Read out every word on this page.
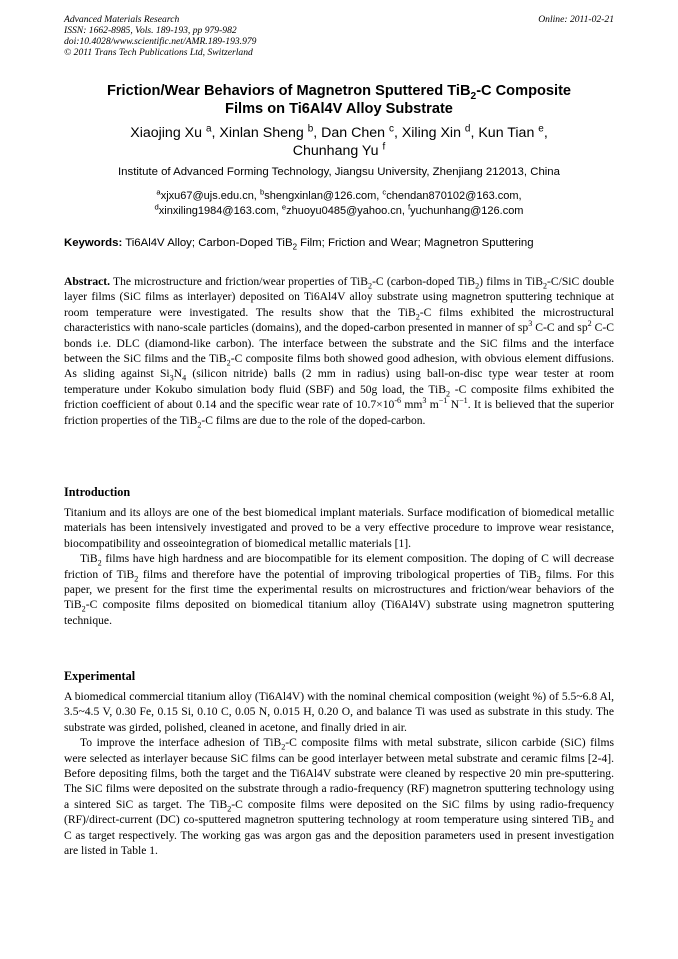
Advanced Materials Research
ISSN: 1662-8985, Vols. 189-193, pp 979-982
doi:10.4028/www.scientific.net/AMR.189-193.979
© 2011 Trans Tech Publications Ltd, Switzerland
Online: 2011-02-21
Friction/Wear Behaviors of Magnetron Sputtered TiB$_2$-C Composite
Films on Ti6Al4V Alloy Substrate
Xiaojing Xu $^a$, Xinlan Sheng $^b$, Dan Chen $^c$, Xiling Xin $^d$, Kun Tian $^e$,
Chunhang Yu $^f$
Institute of Advanced Forming Technology, Jiangsu University, Zhenjiang 212013, China
$^a$xjxu67@ujs.edu.cn, $^b$shengxinlan@126.com, $^c$chendan870102@163.com,
$^d$xinxiling1984@163.com, $^e$zhuoyu0485@yahoo.cn, $^f$yuchunhang@126.com
Keywords: Ti6Al4V Alloy; Carbon-Doped TiB$_2$ Film; Friction and Wear; Magnetron Sputtering
Abstract. The microstructure and friction/wear properties of TiB$_2$-C (carbon-doped TiB$_2$) films in TiB$_2$-C/SiC double layer films (SiC films as interlayer) deposited on Ti6Al4V alloy substrate using magnetron sputtering technique at room temperature were investigated. The results show that the TiB$_2$-C films exhibited the microstructural characteristics with nano-scale particles (domains), and the doped-carbon presented in manner of $sp^3$ C-C and $sp^2$ C-C bonds i.e. DLC (diamond-like carbon). The interface between the substrate and the SiC films and the interface between the SiC films and the TiB$_2$-C composite films both showed good adhesion, with obvious element diffusions. As sliding against $Si_3N_4$ (silicon nitride) balls (2 mm in radius) using ball-on-disc type wear tester at room temperature under Kokubo simulation body fluid (SBF) and 50g load, the TiB$_2$ -C composite films exhibited the friction coefficient of about 0.14 and the specific wear rate of $10.7\times 10^{-6}$ $mm^3$ $m^{-1}$ $N^{-1}$. It is believed that the superior friction properties of the TiB$_2$-C films are due to the role of the doped-carbon.
Introduction

Titanium and its alloys are one of the best biomedical implant materials. Surface modification of biomedical metallic materials has been intensively investigated and proved to be a very effective procedure to improve wear resistance, biocompatibility and osseointegration of biomedical metallic materials [1].

TiB$_2$ films have high hardness and are biocompatible for its element composition. The doping of C will decrease friction of TiB$_2$ films and therefore have the potential of improving tribological properties of TiB$_2$ films. For this paper, we present for the first time the experimental results on microstructures and friction/wear behaviors of the TiB$_2$-C composite films deposited on biomedical titanium alloy (Ti6Al4V) substrate using magnetron sputtering technique.

Experimental

A biomedical commercial titanium alloy (Ti6Al4V) with the nominal chemical composition (weight %) of 5.5~6.8 Al, 3.5~4.5 V, 0.30 Fe, 0.15 Si, 0.10 C, 0.05 N, 0.015 H, 0.20 O, and balance Ti was used as substrate in this study. The substrate was girded, polished, cleaned in acetone, and finally dried in air.

To improve the interface adhesion of TiB$_2$-C composite films with metal substrate, silicon carbide (SiC) films were selected as interlayer because SiC films can be good interlayer between metal substrate and ceramic films [2-4]. Before depositing films, both the target and the Ti6Al4V substrate were cleaned by respective 20 min pre-sputtering. The SiC films were deposited on the substrate through a radio-frequency (RF) magnetron sputtering technology using a sintered SiC as target. The TiB$_2$-C composite films were deposited on the SiC films by using radio-frequency (RF)/direct-current (DC) co-sputtered magnetron sputtering technology at room temperature using sintered TiB$_2$ and C as target respectively. The working gas was argon gas and the deposition parameters used in present investigation are listed in Table 1.
